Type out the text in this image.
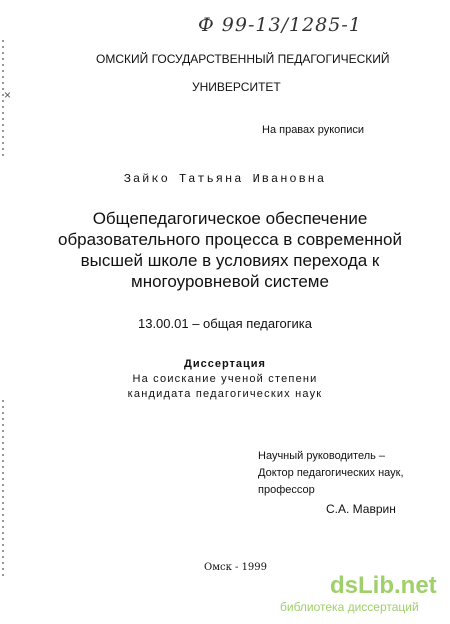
×
Ф 99-13/1285-1
ОМСКИЙ ГОСУДАРСТВЕННЫЙ ПЕДАГОГИЧЕСКИЙ
УНИВЕРСИТЕТ
На правах рукописи
Зайко Татьяна Ивановна
Общепедагогическое обеспечение
образовательного процесса в современной
высшей школе в условиях перехода к
многоуровневой системе
13.00.01 – общая педагогика
Диссертация
На соискание ученой степени
кандидата педагогических наук
Научный руководитель –
Доктор педагогических наук,
профессор
С.А. Маврин
Омск - 1999
dsLib.net
библиотека диссертаций
